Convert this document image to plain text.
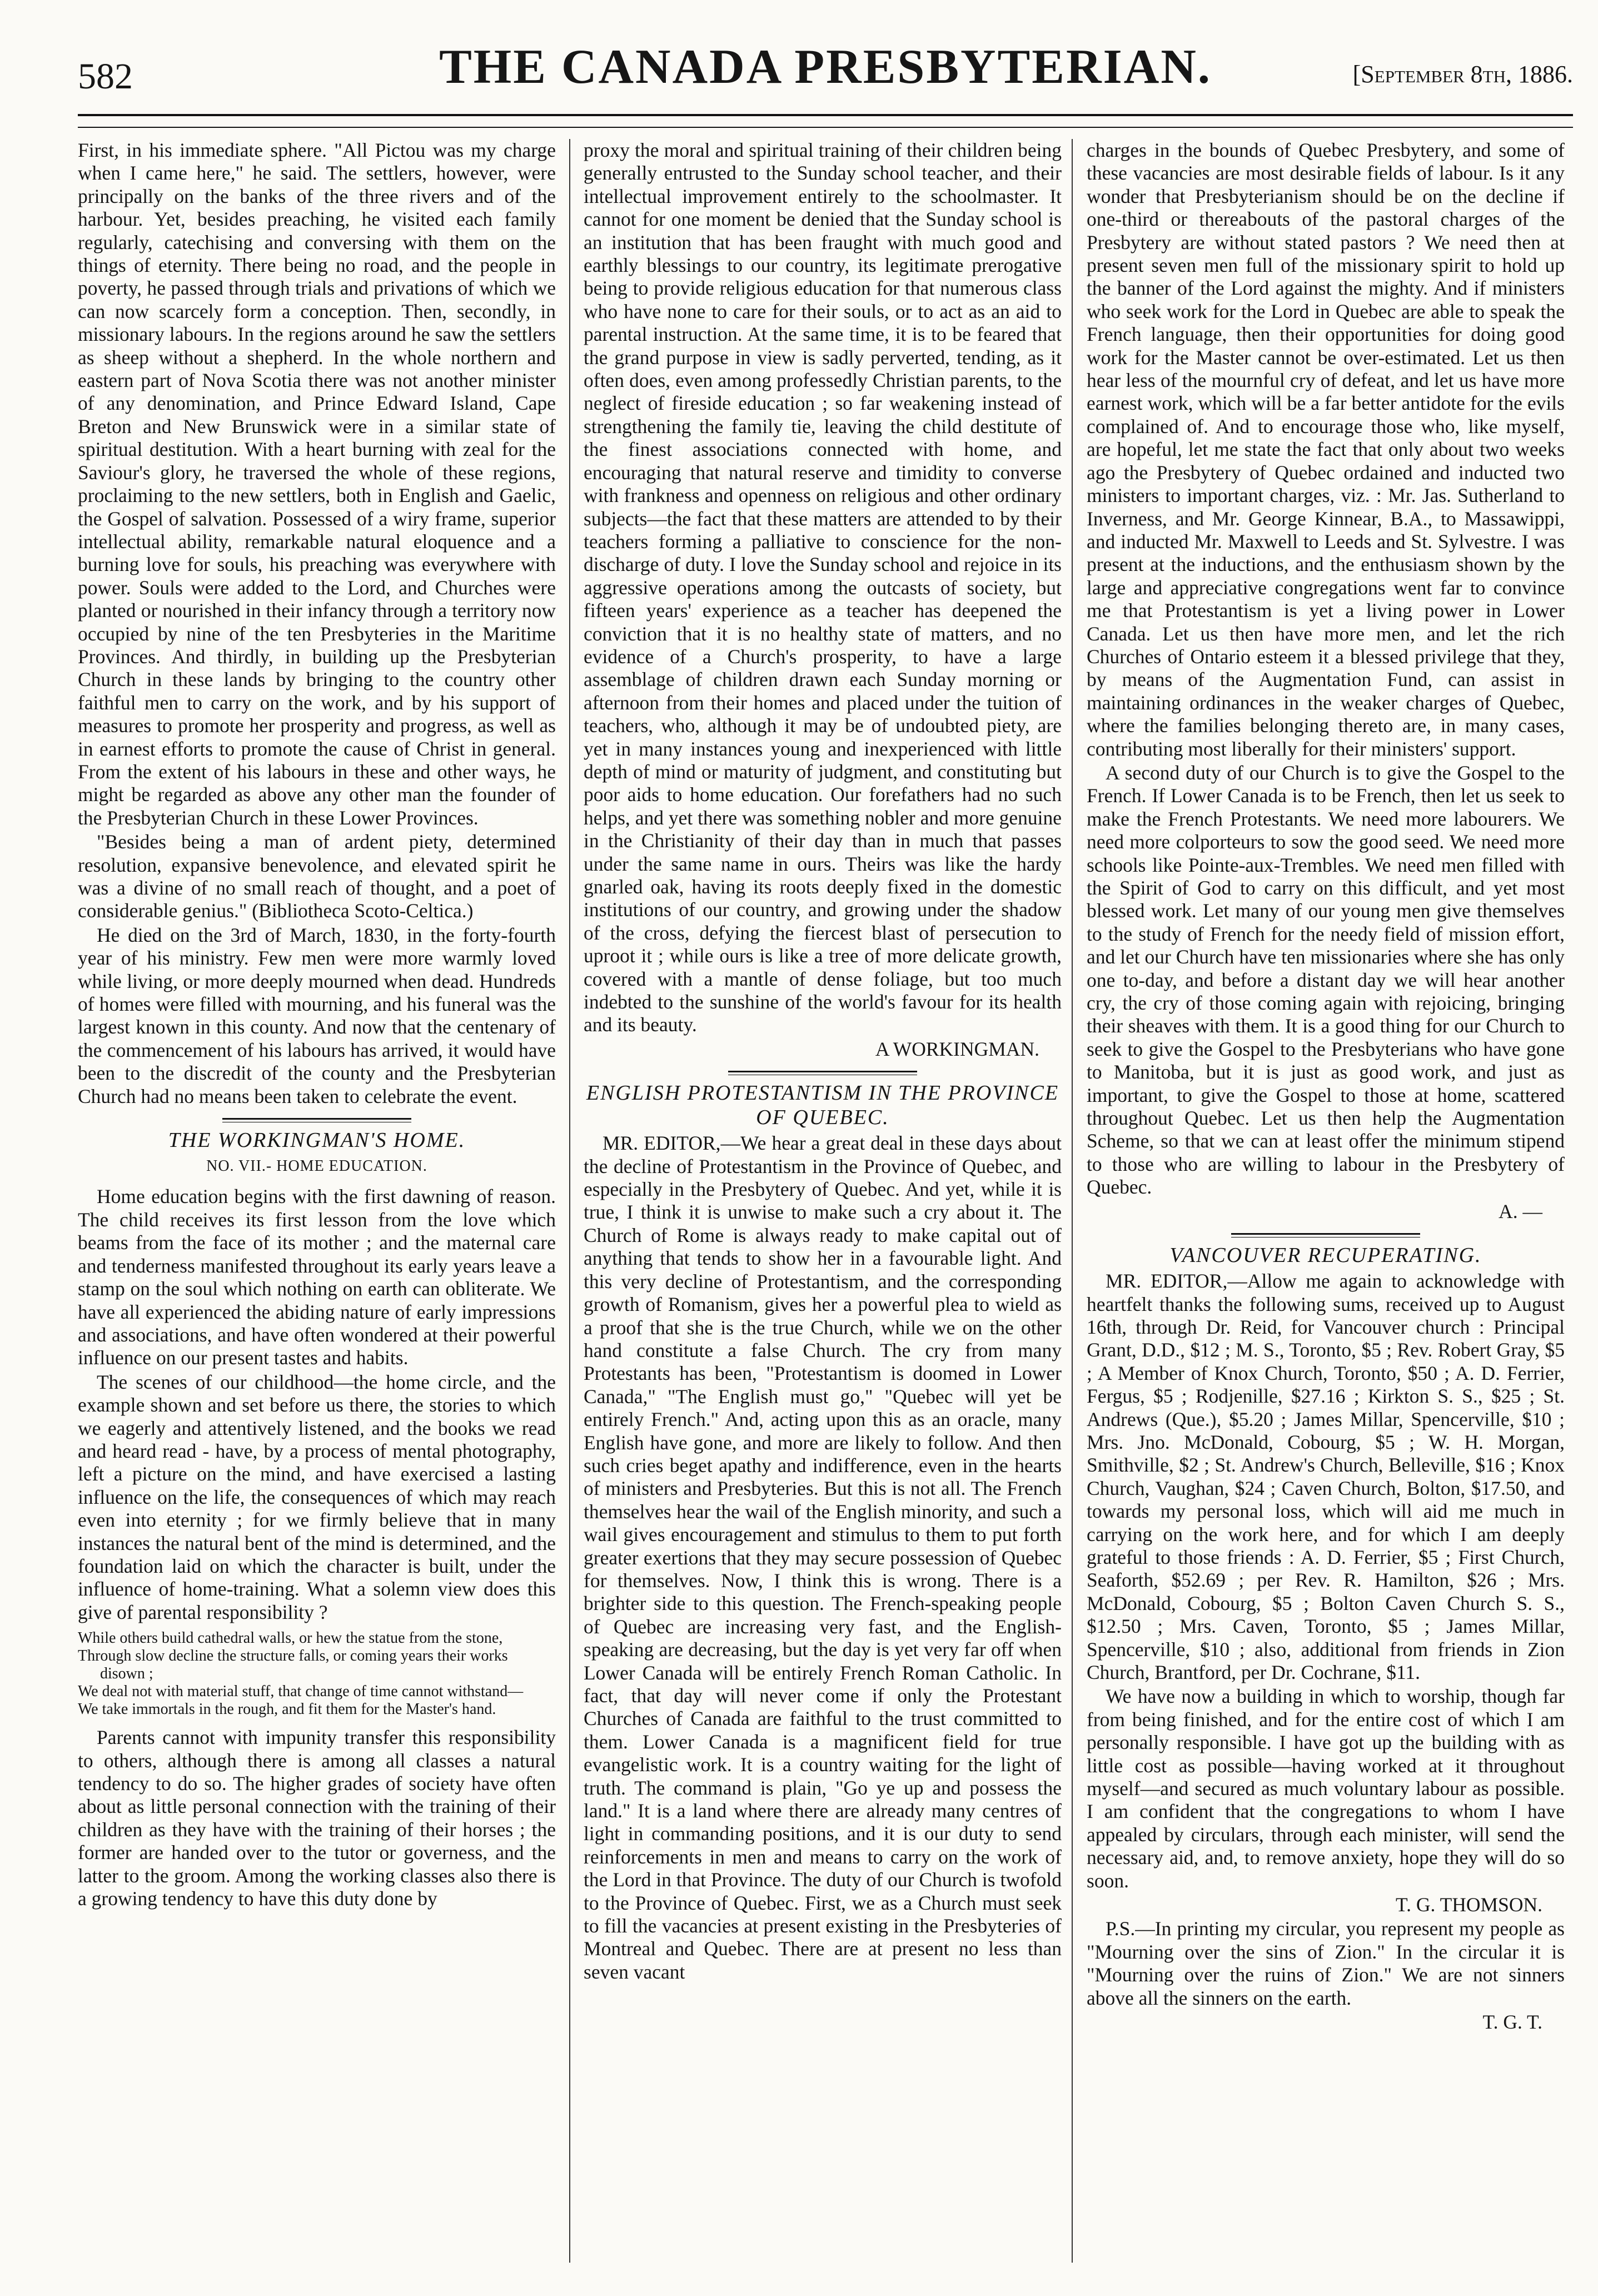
582	THE CANADA PRESBYTERIAN.	[September 8th, 1886.

First, in his immediate sphere. "All Pictou was my charge when I came here," he said. The settlers, however, were principally on the banks of the three rivers and of the harbour. Yet, besides preaching, he visited each family regularly, catechising and conversing with them on the things of eternity. There being no road, and the people in poverty, he passed through trials and privations of which we can now scarcely form a conception. Then, secondly, in missionary labours. In the regions around he saw the settlers as sheep without a shepherd. In the whole northern and eastern part of Nova Scotia there was not another minister of any denomination, and Prince Edward Island, Cape Breton and New Brunswick were in a similar state of spiritual destitution. With a heart burning with zeal for the Saviour's glory, he traversed the whole of these regions, proclaiming to the new settlers, both in English and Gaelic, the Gospel of salvation. Possessed of a wiry frame, superior intellectual ability, remarkable natural eloquence and a burning love for souls, his preaching was everywhere with power. Souls were added to the Lord, and Churches were planted or nourished in their infancy through a territory now occupied by nine of the ten Presbyteries in the Maritime Provinces. And thirdly, in building up the Presbyterian Church in these lands by bringing to the country other faithful men to carry on the work, and by his support of measures to promote her prosperity and progress, as well as in earnest efforts to promote the cause of Christ in general. From the extent of his labours in these and other ways, he might be regarded as above any other man the founder of the Presbyterian Church in these Lower Provinces.

"Besides being a man of ardent piety, determined resolution, expansive benevolence, and elevated spirit he was a divine of no small reach of thought, and a poet of considerable genius." (Bibliotheca Scoto-Celtica.)

He died on the 3rd of March, 1830, in the forty-fourth year of his ministry. Few men were more warmly loved while living, or more deeply mourned when dead. Hundreds of homes were filled with mourning, and his funeral was the largest known in this county. And now that the centenary of the commencement of his labours has arrived, it would have been to the discredit of the county and the Presbyterian Church had no means been taken to celebrate the event.

THE WORKINGMAN'S HOME.

NO. VII.- HOME EDUCATION.

Home education begins with the first dawning of reason. The child receives its first lesson from the love which beams from the face of its mother ; and the maternal care and tenderness manifested throughout its early years leave a stamp on the soul which nothing on earth can obliterate. We have all experienced the abiding nature of early impressions and associations, and have often wondered at their powerful influence on our present tastes and habits.

The scenes of our childhood—the home circle, and the example shown and set before us there, the stories to which we eagerly and attentively listened, and the books we read and heard read - have, by a process of mental photography, left a picture on the mind, and have exercised a lasting influence on the life, the consequences of which may reach even into eternity ; for we firmly believe that in many instances the natural bent of the mind is determined, and the foundation laid on which the character is built, under the influence of home-training. What a solemn view does this give of parental responsibility ?

While others build cathedral walls, or hew the statue from the stone,
Through slow decline the structure falls, or coming years their works disown ;
We deal not with material stuff, that change of time cannot withstand—
We take immortals in the rough, and fit them for the Master's hand.

Parents cannot with impunity transfer this responsibility to others, although there is among all classes a natural tendency to do so. The higher grades of society have often about as little personal connection with the training of their children as they have with the training of their horses ; the former are handed over to the tutor or governess, and the latter to the groom. Among the working classes also there is a growing tendency to have this duty done by

proxy the moral and spiritual training of their children being generally entrusted to the Sunday school teacher, and their intellectual improvement entirely to the schoolmaster. It cannot for one moment be denied that the Sunday school is an institution that has been fraught with much good and earthly blessings to our country, its legitimate prerogative being to provide religious education for that numerous class who have none to care for their souls, or to act as an aid to parental instruction. At the same time, it is to be feared that the grand purpose in view is sadly perverted, tending, as it often does, even among professedly Christian parents, to the neglect of fireside education ; so far weakening instead of strengthening the family tie, leaving the child destitute of the finest associations connected with home, and encouraging that natural reserve and timidity to converse with frankness and openness on religious and other ordinary subjects—the fact that these matters are attended to by their teachers forming a palliative to conscience for the non-discharge of duty. I love the Sunday school and rejoice in its aggressive operations among the outcasts of society, but fifteen years' experience as a teacher has deepened the conviction that it is no healthy state of matters, and no evidence of a Church's prosperity, to have a large assemblage of children drawn each Sunday morning or afternoon from their homes and placed under the tuition of teachers, who, although it may be of undoubted piety, are yet in many instances young and inexperienced with little depth of mind or maturity of judgment, and constituting but poor aids to home education. Our forefathers had no such helps, and yet there was something nobler and more genuine in the Christianity of their day than in much that passes under the same name in ours. Theirs was like the hardy gnarled oak, having its roots deeply fixed in the domestic institutions of our country, and growing under the shadow of the cross, defying the fiercest blast of persecution to uproot it ; while ours is like a tree of more delicate growth, covered with a mantle of dense foliage, but too much indebted to the sunshine of the world's favour for its health and its beauty.

A WORKINGMAN.

ENGLISH PROTESTANTISM IN THE PROVINCE OF QUEBEC.

MR. EDITOR,—We hear a great deal in these days about the decline of Protestantism in the Province of Quebec, and especially in the Presbytery of Quebec. And yet, while it is true, I think it is unwise to make such a cry about it. The Church of Rome is always ready to make capital out of anything that tends to show her in a favourable light. And this very decline of Protestantism, and the corresponding growth of Romanism, gives her a powerful plea to wield as a proof that she is the true Church, while we on the other hand constitute a false Church. The cry from many Protestants has been, "Protestantism is doomed in Lower Canada," "The English must go," "Quebec will yet be entirely French." And, acting upon this as an oracle, many English have gone, and more are likely to follow. And then such cries beget apathy and indifference, even in the hearts of ministers and Presbyteries. But this is not all. The French themselves hear the wail of the English minority, and such a wail gives encouragement and stimulus to them to put forth greater exertions that they may secure possession of Quebec for themselves. Now, I think this is wrong. There is a brighter side to this question. The French-speaking people of Quebec are increasing very fast, and the English-speaking are decreasing, but the day is yet very far off when Lower Canada will be entirely French Roman Catholic. In fact, that day will never come if only the Protestant Churches of Canada are faithful to the trust committed to them. Lower Canada is a magnificent field for true evangelistic work. It is a country waiting for the light of truth. The command is plain, "Go ye up and possess the land." It is a land where there are already many centres of light in commanding positions, and it is our duty to send reinforcements in men and means to carry on the work of the Lord in that Province. The duty of our Church is twofold to the Province of Quebec. First, we as a Church must seek to fill the vacancies at present existing in the Presbyteries of Montreal and Quebec. There are at present no less than seven vacant

charges in the bounds of Quebec Presbytery, and some of these vacancies are most desirable fields of labour. Is it any wonder that Presbyterianism should be on the decline if one-third or thereabouts of the pastoral charges of the Presbytery are without stated pastors ? We need then at present seven men full of the missionary spirit to hold up the banner of the Lord against the mighty. And if ministers who seek work for the Lord in Quebec are able to speak the French language, then their opportunities for doing good work for the Master cannot be over-estimated. Let us then hear less of the mournful cry of defeat, and let us have more earnest work, which will be a far better antidote for the evils complained of. And to encourage those who, like myself, are hopeful, let me state the fact that only about two weeks ago the Presbytery of Quebec ordained and inducted two ministers to important charges, viz. : Mr. Jas. Sutherland to Inverness, and Mr. George Kinnear, B.A., to Massawippi, and inducted Mr. Maxwell to Leeds and St. Sylvestre. I was present at the inductions, and the enthusiasm shown by the large and appreciative congregations went far to convince me that Protestantism is yet a living power in Lower Canada. Let us then have more men, and let the rich Churches of Ontario esteem it a blessed privilege that they, by means of the Augmentation Fund, can assist in maintaining ordinances in the weaker charges of Quebec, where the families belonging thereto are, in many cases, contributing most liberally for their ministers' support.

A second duty of our Church is to give the Gospel to the French. If Lower Canada is to be French, then let us seek to make the French Protestants. We need more labourers. We need more colporteurs to sow the good seed. We need more schools like Pointe-aux-Trembles. We need men filled with the Spirit of God to carry on this difficult, and yet most blessed work. Let many of our young men give themselves to the study of French for the needy field of mission effort, and let our Church have ten missionaries where she has only one to-day, and before a distant day we will hear another cry, the cry of those coming again with rejoicing, bringing their sheaves with them. It is a good thing for our Church to seek to give the Gospel to the Presbyterians who have gone to Manitoba, but it is just as good work, and just as important, to give the Gospel to those at home, scattered throughout Quebec. Let us then help the Augmentation Scheme, so that we can at least offer the minimum stipend to those who are willing to labour in the Presbytery of Quebec.

A. —

VANCOUVER RECUPERATING.

MR. EDITOR,—Allow me again to acknowledge with heartfelt thanks the following sums, received up to August 16th, through Dr. Reid, for Vancouver church : Principal Grant, D.D., $12 ; M. S., Toronto, $5 ; Rev. Robert Gray, $5 ; A Member of Knox Church, Toronto, $50 ; A. D. Ferrier, Fergus, $5 ; Rodjenille, $27.16 ; Kirkton S. S., $25 ; St. Andrews (Que.), $5.20 ; James Millar, Spencerville, $10 ; Mrs. Jno. McDonald, Cobourg, $5 ; W. H. Morgan, Smithville, $2 ; St. Andrew's Church, Belleville, $16 ; Knox Church, Vaughan, $24 ; Caven Church, Bolton, $17.50, and towards my personal loss, which will aid me much in carrying on the work here, and for which I am deeply grateful to those friends : A. D. Ferrier, $5 ; First Church, Seaforth, $52.69 ; per Rev. R. Hamilton, $26 ; Mrs. McDonald, Cobourg, $5 ; Bolton Caven Church S. S., $12.50 ; Mrs. Caven, Toronto, $5 ; James Millar, Spencerville, $10 ; also, additional from friends in Zion Church, Brantford, per Dr. Cochrane, $11.

We have now a building in which to worship, though far from being finished, and for the entire cost of which I am personally responsible. I have got up the building with as little cost as possible—having worked at it throughout myself—and secured as much voluntary labour as possible. I am confident that the congregations to whom I have appealed by circulars, through each minister, will send the necessary aid, and, to remove anxiety, hope they will do so soon.

T. G. THOMSON.

P.S.—In printing my circular, you represent my people as "Mourning over the sins of Zion." In the circular it is "Mourning over the ruins of Zion." We are not sinners above all the sinners on the earth.

T. G. T.
